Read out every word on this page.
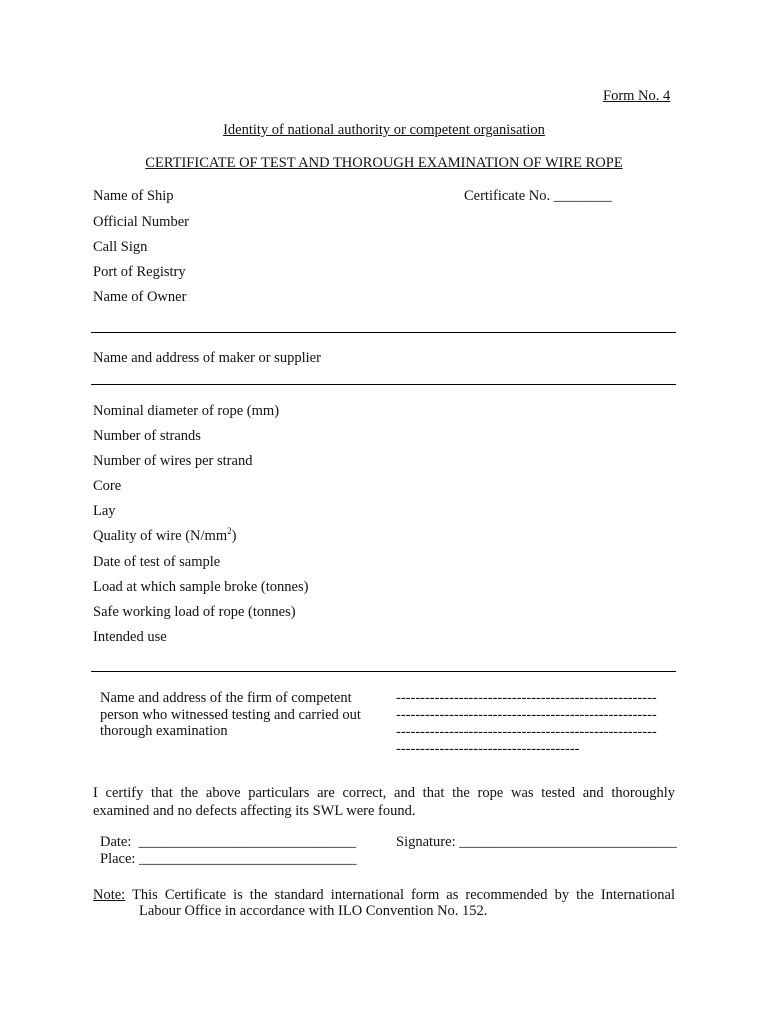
Form No. 4
Identity of national authority or competent organisation
CERTIFICATE OF TEST AND THOROUGH EXAMINATION OF WIRE ROPE
Name of Ship	Certificate No. ________
Official Number
Call Sign
Port of Registry
Name of Owner
Name and address of maker or supplier
Nominal diameter of rope (mm)
Number of strands
Number of wires per strand
Core
Lay
Quality of wire $(N/mm^2)$
Date of test of sample
Load at which sample broke (tonnes)
Safe working load of rope (tonnes)
Intended use
Name and address of the firm of competent
person who witnessed testing and carried out
thorough examination
------------------------------------------------------
------------------------------------------------------
------------------------------------------------------
--------------------------------------
I certify that the above particulars are correct, and that the rope was tested and thoroughly
examined and no defects affecting its SWL were found.
Date: ______________________________	Signature: ______________________________
Place: ______________________________
Note: This Certificate is the standard international form as recommended by the International
Labour Office in accordance with ILO Convention No. 152.
